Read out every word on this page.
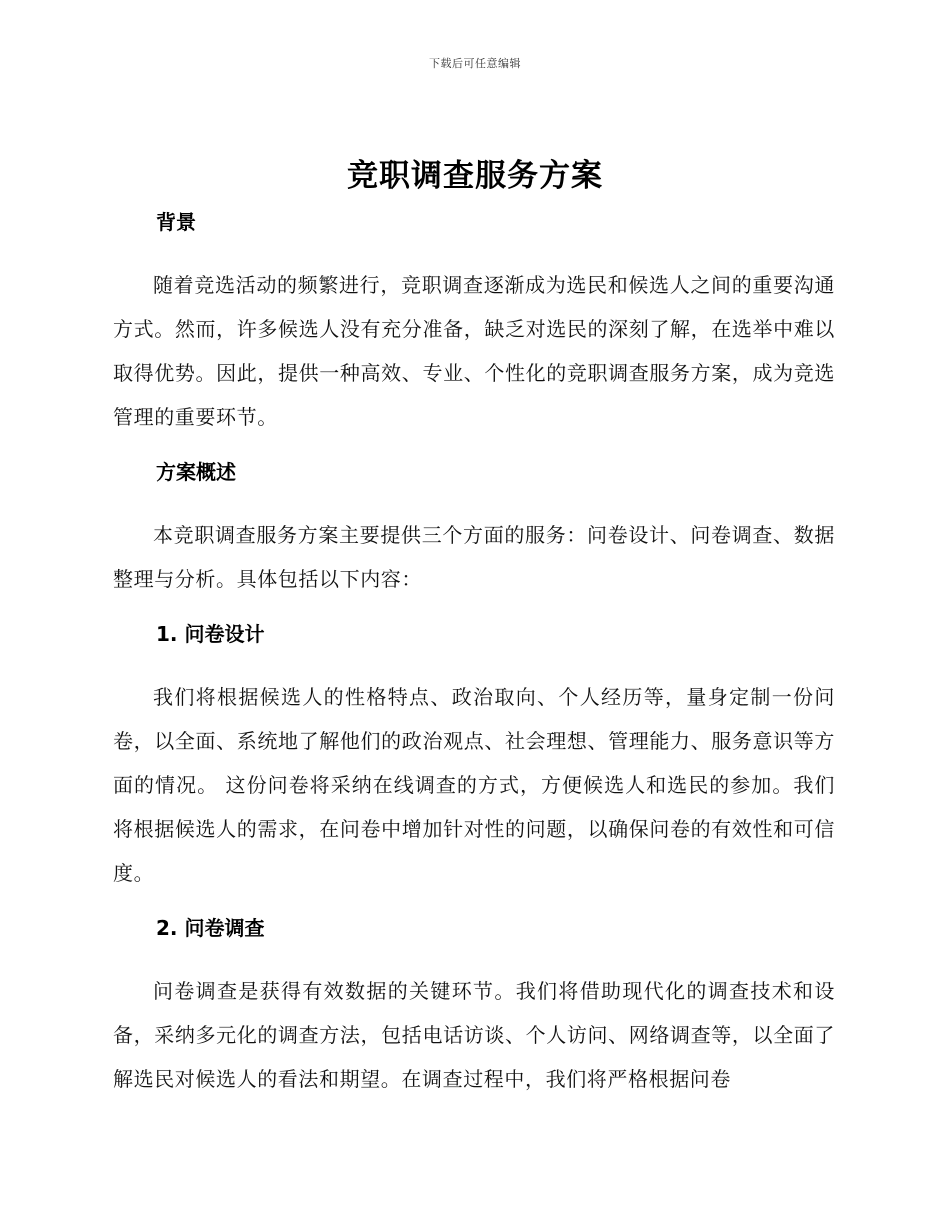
下载后可任意编辑
竞职调查服务方案
背景

随着竞选活动的频繁进行，竞职调查逐渐成为选民和候选人之间的重要沟通方式。然而，许多候选人没有充分准备，缺乏对选民的深刻了解，在选举中难以取得优势。因此，提供一种高效、专业、个性化的竞职调查服务方案，成为竞选管理的重要环节。

方案概述

本竞职调查服务方案主要提供三个方面的服务：问卷设计、问卷调查、数据整理与分析。具体包括以下内容：

1. 问卷设计

我们将根据候选人的性格特点、政治取向、个人经历等，量身定制一份问卷，以全面、系统地了解他们的政治观点、社会理想、管理能力、服务意识等方面的情况。 这份问卷将采纳在线调查的方式，方便候选人和选民的参加。我们将根据候选人的需求，在问卷中增加针对性的问题，以确保问卷的有效性和可信度。

2. 问卷调查

问卷调查是获得有效数据的关键环节。我们将借助现代化的调查技术和设备，采纳多元化的调查方法，包括电话访谈、个人访问、网络调查等，以全面了解选民对候选人的看法和期望。在调查过程中，我们将严格根据问卷
